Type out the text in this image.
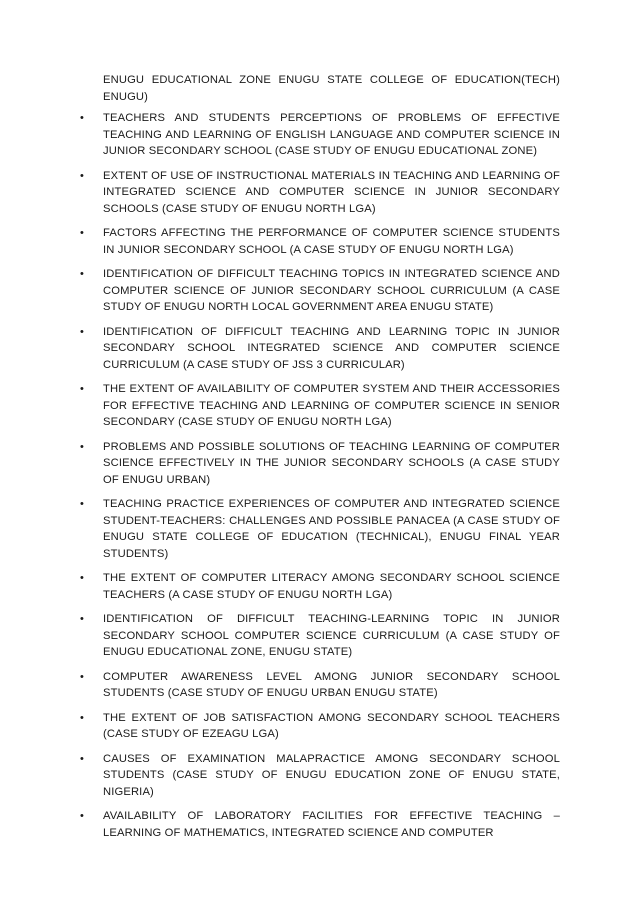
ENUGU EDUCATIONAL ZONE ENUGU STATE COLLEGE OF EDUCATION(TECH) ENUGU)

• TEACHERS AND STUDENTS PERCEPTIONS OF PROBLEMS OF EFFECTIVE TEACHING AND LEARNING OF ENGLISH LANGUAGE AND COMPUTER SCIENCE IN JUNIOR SECONDARY SCHOOL (CASE STUDY OF ENUGU EDUCATIONAL ZONE)

• EXTENT OF USE OF INSTRUCTIONAL MATERIALS IN TEACHING AND LEARNING OF INTEGRATED SCIENCE AND COMPUTER SCIENCE IN JUNIOR SECONDARY SCHOOLS (CASE STUDY OF ENUGU NORTH LGA)

• FACTORS AFFECTING THE PERFORMANCE OF COMPUTER SCIENCE STUDENTS IN JUNIOR SECONDARY SCHOOL (A CASE STUDY OF ENUGU NORTH LGA)

• IDENTIFICATION OF DIFFICULT TEACHING TOPICS IN INTEGRATED SCIENCE AND COMPUTER SCIENCE OF JUNIOR SECONDARY SCHOOL CURRICULUM (A CASE STUDY OF ENUGU NORTH LOCAL GOVERNMENT AREA ENUGU STATE)

• IDENTIFICATION OF DIFFICULT TEACHING AND LEARNING TOPIC IN JUNIOR SECONDARY SCHOOL INTEGRATED SCIENCE AND COMPUTER SCIENCE CURRICULUM (A CASE STUDY OF JSS 3 CURRICULAR)

• THE EXTENT OF AVAILABILITY OF COMPUTER SYSTEM AND THEIR ACCESSORIES FOR EFFECTIVE TEACHING AND LEARNING OF COMPUTER SCIENCE IN SENIOR SECONDARY (CASE STUDY OF ENUGU NORTH LGA)

• PROBLEMS AND POSSIBLE SOLUTIONS OF TEACHING LEARNING OF COMPUTER SCIENCE EFFECTIVELY IN THE JUNIOR SECONDARY SCHOOLS (A CASE STUDY OF ENUGU URBAN)

• TEACHING PRACTICE EXPERIENCES OF COMPUTER AND INTEGRATED SCIENCE STUDENT-TEACHERS: CHALLENGES AND POSSIBLE PANACEA (A CASE STUDY OF ENUGU STATE COLLEGE OF EDUCATION (TECHNICAL), ENUGU FINAL YEAR STUDENTS)

• THE EXTENT OF COMPUTER LITERACY AMONG SECONDARY SCHOOL SCIENCE TEACHERS (A CASE STUDY OF ENUGU NORTH LGA)

• IDENTIFICATION OF DIFFICULT TEACHING-LEARNING TOPIC IN JUNIOR SECONDARY SCHOOL COMPUTER SCIENCE CURRICULUM (A CASE STUDY OF ENUGU EDUCATIONAL ZONE, ENUGU STATE)

• COMPUTER AWARENESS LEVEL AMONG JUNIOR SECONDARY SCHOOL STUDENTS (CASE STUDY OF ENUGU URBAN ENUGU STATE)

• THE EXTENT OF JOB SATISFACTION AMONG SECONDARY SCHOOL TEACHERS (CASE STUDY OF EZEAGU LGA)

• CAUSES OF EXAMINATION MALAPRACTICE AMONG SECONDARY SCHOOL STUDENTS (CASE STUDY OF ENUGU EDUCATION ZONE OF ENUGU STATE, NIGERIA)

• AVAILABILITY OF LABORATORY FACILITIES FOR EFFECTIVE TEACHING – LEARNING OF MATHEMATICS, INTEGRATED SCIENCE AND COMPUTER
